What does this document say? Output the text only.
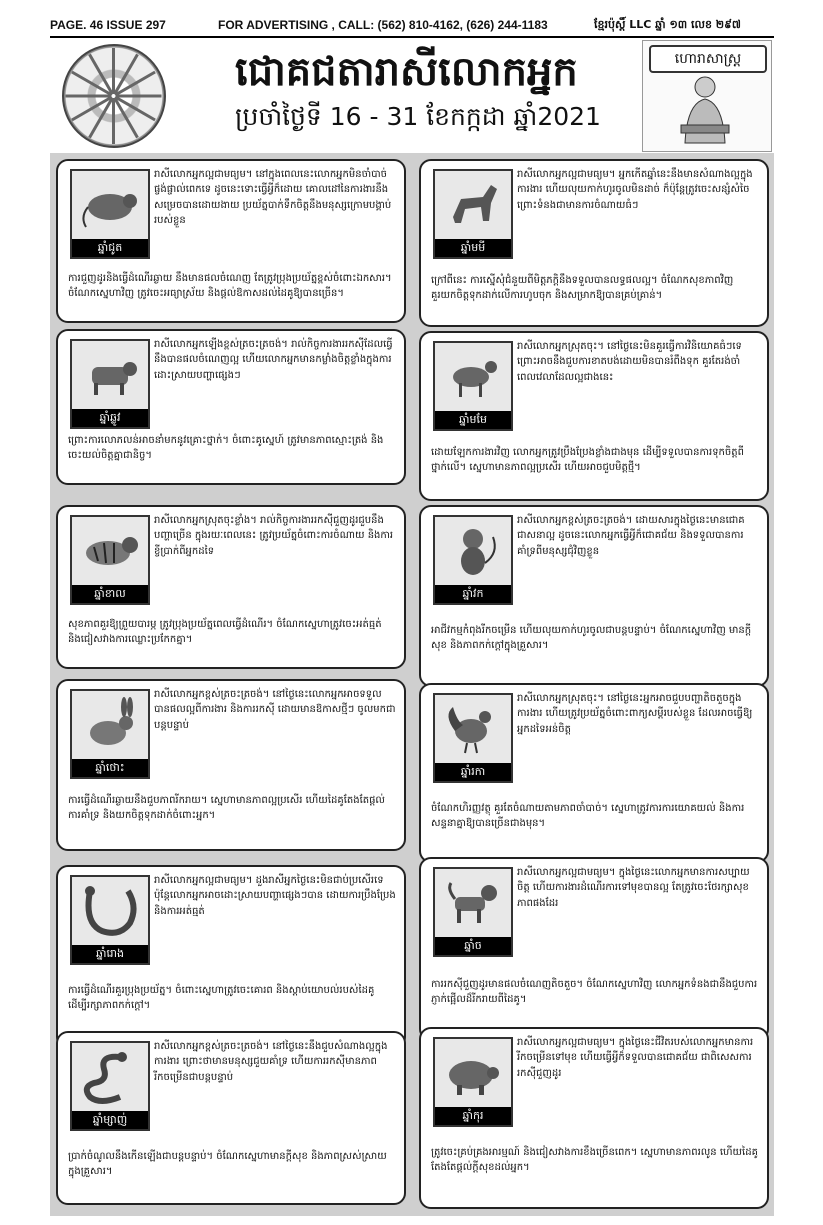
PAGE. 46 ISSUE 297	FOR ADVERTISING , CALL: (562) 810-4162, (626) 244-1183	ខ្មែរប៉ុស្តិ៍ LLC ឆ្នាំ ១៣ លេខ ២៩៧
ជោគជតារាសីលោកអ្នក
ប្រចាំថ្ងៃទី 16 - 31 ខែកក្កដា ឆ្នាំ2021
ហោរាសាស្ត្រ
ឆ្នាំជូត
រាសីលោកអ្នកល្អជាមធ្យម។ នៅក្នុងពេលនេះលោកអ្នកមិនចាំបាច់ផ្ចង់ផ្ចាល់ពេកទេ ដូចនេះទោះធ្វើអ្វីក៏ដោយ គោលដៅនៃការងារនឹងសម្រេចបានដោយងាយ ប្រយ័ត្នបាក់ទឹកចិត្តនឹងមនុស្សក្រោមបង្គាប់របស់ខ្លួន
ការជួញដូរនិងធ្វើដំណើរឆ្ងាយ នឹងមានផលចំណេញ តែត្រូវប្រុងប្រយ័ត្នខ្ពស់ចំពោះឯកសារ។ ចំណែកស្នេហាវិញ ត្រូវចេះអធ្យាស្រ័យ និងផ្តល់ឱកាសដល់ដៃគូឱ្យបានច្រើន។
ឆ្នាំមមី
រាសីលោកអ្នកល្អជាមធ្យម។ អ្នកកើតឆ្នាំនេះនឹងមានសំណាងល្អក្នុងការងារ ហើយលុយកាក់ហូរចូលមិនដាច់ ក៏ប៉ុន្តែត្រូវចេះសន្សំសំចៃ ព្រោះទំនងជាមានការចំណាយធំៗ
ក្រៅពីនេះ ការស្នើសុំជំនួយពីមិត្តភក្តិនឹងទទួលបានលទ្ធផលល្អ។ ចំណែកសុខភាពវិញ គួរយកចិត្តទុកដាក់លើការហូបចុក និងសម្រាកឱ្យបានគ្រប់គ្រាន់។
ឆ្នាំឆ្លូវ
រាសីលោកអ្នកឡើងខ្ពស់ត្រចះត្រចង់។ រាល់កិច្ចការងាររកស៊ីដែលធ្វើនឹងបានផលចំណេញល្អ ហើយលោកអ្នកមានកម្លាំងចិត្តខ្លាំងក្នុងការដោះស្រាយបញ្ហាផ្សេងៗ
ព្រោះការលោភលន់អាចនាំមកនូវគ្រោះថ្នាក់។ ចំពោះគូស្នេហ៍ ត្រូវមានភាពស្មោះត្រង់ និងចេះយល់ចិត្តគ្នាជានិច្ច។
ឆ្នាំមមែ
រាសីលោកអ្នកស្រុតចុះ។ នៅថ្ងៃនេះមិនគួរធ្វើការវិនិយោគធំៗទេ ព្រោះអាចនឹងជួបការខាតបង់ដោយមិនបានរំពឹងទុក គួរតែរង់ចាំពេលវេលាដែលល្អជាងនេះ
ដោយឡែកការងារវិញ លោកអ្នកត្រូវប្រឹងប្រែងខ្លាំងជាងមុន ដើម្បីទទួលបានការទុកចិត្តពីថ្នាក់លើ។ ស្នេហាមានភាពល្អប្រសើរ ហើយអាចជួបមិត្តថ្មី។
ឆ្នាំខាល
រាសីលោកអ្នកស្រុតចុះខ្លាំង។ រាល់កិច្ចការងាររកស៊ីជួញដូរជួបនឹងបញ្ហាច្រើន ក្នុងរយៈពេលនេះ ត្រូវប្រយ័ត្នចំពោះការចំណាយ និងការខ្ចីប្រាក់ពីអ្នកដទៃ
សុខភាពគួរឱ្យព្រួយបារម្ភ ត្រូវប្រុងប្រយ័ត្នពេលធ្វើដំណើរ។ ចំណែកស្នេហាត្រូវចេះអត់ធ្មត់ និងជៀសវាងការឈ្លោះប្រកែកគ្នា។
ឆ្នាំវក
រាសីលោកអ្នកខ្ពស់ត្រចះត្រចង់។ ដោយសារក្នុងថ្ងៃនេះមានជោគជាសនាល្អ ដូចនេះលោកអ្នកធ្វើអ្វីក៏ជោគជ័យ និងទទួលបានការគាំទ្រពីមនុស្សជុំវិញខ្លួន
អាជីវកម្មកំពុងរីកចម្រើន ហើយលុយកាក់ហូរចូលជាបន្តបន្ទាប់។ ចំណែកស្នេហាវិញ មានក្តីសុខ និងភាពកក់ក្តៅក្នុងគ្រួសារ។
ឆ្នាំថោះ
រាសីលោកអ្នកខ្ពស់ត្រចះត្រចង់។ នៅថ្ងៃនេះលោកអ្នកអាចទទួលបានផលល្អពីការងារ និងការរកស៊ី ដោយមានឱកាសថ្មីៗ ចូលមកជាបន្តបន្ទាប់
ការធ្វើដំណើរឆ្ងាយនឹងជួបភាពរីករាយ។ ស្នេហាមានភាពល្អប្រសើរ ហើយដៃគូតែងតែផ្តល់ការគាំទ្រ និងយកចិត្តទុកដាក់ចំពោះអ្នក។
ឆ្នាំរកា
រាសីលោកអ្នកស្រុតចុះ។ នៅថ្ងៃនេះអ្នកអាចជួបបញ្ហាតិចតួចក្នុងការងារ ហើយត្រូវប្រយ័ត្នចំពោះពាក្យសម្តីរបស់ខ្លួន ដែលអាចធ្វើឱ្យអ្នកដទៃអន់ចិត្ត
ចំណែកហិរញ្ញវត្ថុ គួរតែចំណាយតាមភាពចាំបាច់។ ស្នេហាត្រូវការការយោគយល់ និងការសន្ទនាគ្នាឱ្យបានច្រើនជាងមុន។
ឆ្នាំរោង
រាសីលោកអ្នកល្អជាមធ្យម។ ដួងរាសីអ្នកថ្ងៃនេះមិនជាប់ប្រសើរទេ ប៉ុន្តែលោកអ្នកអាចដោះស្រាយបញ្ហាផ្សេងៗបាន ដោយការប្រឹងប្រែង និងការអត់ធ្មត់
ការធ្វើដំណើរគួរប្រុងប្រយ័ត្ន។ ចំពោះស្នេហាត្រូវចេះគោរព និងស្តាប់យោបល់របស់ដៃគូ ដើម្បីរក្សាភាពកក់ក្តៅ។
ឆ្នាំច
រាសីលោកអ្នកល្អជាមធ្យម។ ក្នុងថ្ងៃនេះលោកអ្នកមានការសប្បាយចិត្ត ហើយការងារដំណើរការទៅមុខបានល្អ តែត្រូវចេះថែរក្សាសុខភាពផងដែរ
ការរកស៊ីជួញដូរមានផលចំណេញតិចតួច។ ចំណែកស្នេហាវិញ លោកអ្នកទំនងជានឹងជួបការភ្ញាក់ផ្អើលដ៏រីករាយពីដៃគូ។
ឆ្នាំម្សាញ់
រាសីលោកអ្នកខ្ពស់ត្រចះត្រចង់។ នៅថ្ងៃនេះនឹងជួបសំណាងល្អក្នុងការងារ ព្រោះថាមានមនុស្សជួយគាំទ្រ ហើយការរកស៊ីមានភាពរីកចម្រើនជាបន្តបន្ទាប់
ប្រាក់ចំណូលនឹងកើនឡើងជាបន្តបន្ទាប់។ ចំណែកស្នេហាមានក្តីសុខ និងភាពស្រស់ស្រាយក្នុងគ្រួសារ។
ឆ្នាំកុរ
រាសីលោកអ្នកល្អជាមធ្យម។ ក្នុងថ្ងៃនេះជីវិតរបស់លោកអ្នកមានការរីកចម្រើនទៅមុខ ហើយធ្វើអ្វីក៏ទទួលបានជោគជ័យ ជាពិសេសការរកស៊ីជួញដូរ
ត្រូវចេះគ្រប់គ្រងអារម្មណ៍ និងជៀសវាងការខឹងច្រើនពេក។ ស្នេហាមានភាពរលូន ហើយដៃគូតែងតែផ្តល់ក្តីសុខដល់អ្នក។
